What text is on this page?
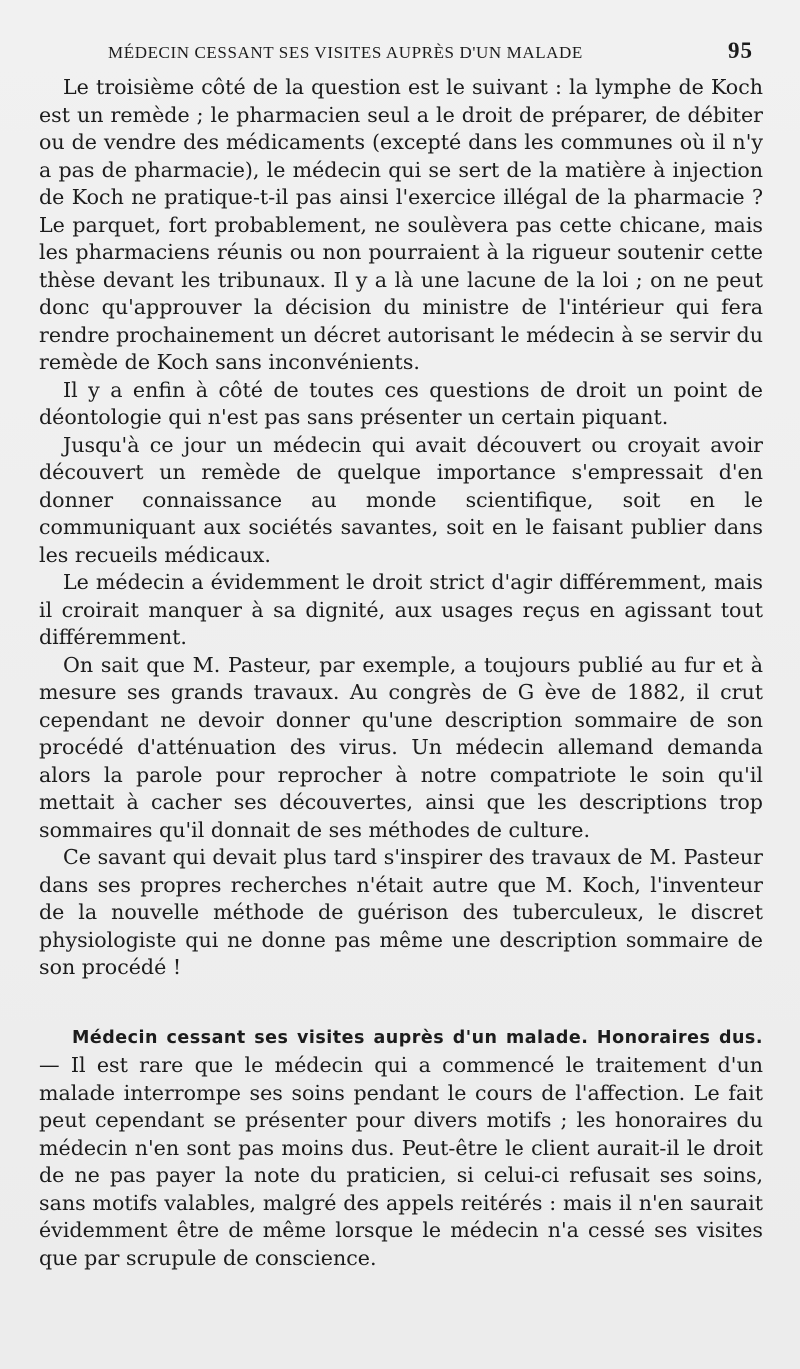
MÉDECIN CESSANT SES VISITES AUPRÈS D'UN MALADE	95

Le troisième côté de la question est le suivant : la lymphe de Koch est un remède ; le pharmacien seul a le droit de préparer, de débiter ou de vendre des médicaments (excepté dans les communes où il n'y a pas de pharmacie), le médecin qui se sert de la matière à injection de Koch ne pratique-t-il pas ainsi l'exercice illégal de la pharmacie ? Le parquet, fort probablement, ne soulèvera pas cette chicane, mais les pharmaciens réunis ou non pourraient à la rigueur soutenir cette thèse devant les tribunaux. Il y a là une lacune de la loi ; on ne peut donc qu'approuver la décision du ministre de l'intérieur qui fera rendre prochainement un décret autorisant le médecin à se servir du remède de Koch sans inconvénients.

Il y a enfin à côté de toutes ces questions de droit un point de déontologie qui n'est pas sans présenter un certain piquant.

Jusqu'à ce jour un médecin qui avait découvert ou croyait avoir découvert un remède de quelque importance s'empressait d'en donner connaissance au monde scientifique, soit en le communiquant aux sociétés savantes, soit en le faisant publier dans les recueils médicaux.

Le médecin a évidemment le droit strict d'agir différemment, mais il croirait manquer à sa dignité, aux usages reçus en agissant tout différemment.

On sait que M. Pasteur, par exemple, a toujours publié au fur et à mesure ses grands travaux. Au congrès de G ève de 1882, il crut cependant ne devoir donner qu'une description sommaire de son procédé d'atténuation des virus. Un médecin allemand demanda alors la parole pour reprocher à notre compatriote le soin qu'il mettait à cacher ses découvertes, ainsi que les descriptions trop sommaires qu'il donnait de ses méthodes de culture.

Ce savant qui devait plus tard s'inspirer des travaux de M. Pasteur dans ses propres recherches n'était autre que M. Koch, l'inventeur de la nouvelle méthode de guérison des tuberculeux, le discret physiologiste qui ne donne pas même une description sommaire de son procédé !

Médecin cessant ses visites auprès d'un malade. Honoraires dus. — Il est rare que le médecin qui a commencé le traitement d'un malade interrompe ses soins pendant le cours de l'affection. Le fait peut cependant se présenter pour divers motifs ; les honoraires du médecin n'en sont pas moins dus. Peut-être le client aurait-il le droit de ne pas payer la note du praticien, si celui-ci refusait ses soins, sans motifs valables, malgré des appels reitérés : mais il n'en saurait évidemment être de même lorsque le médecin n'a cessé ses visites que par scrupule de conscience.
